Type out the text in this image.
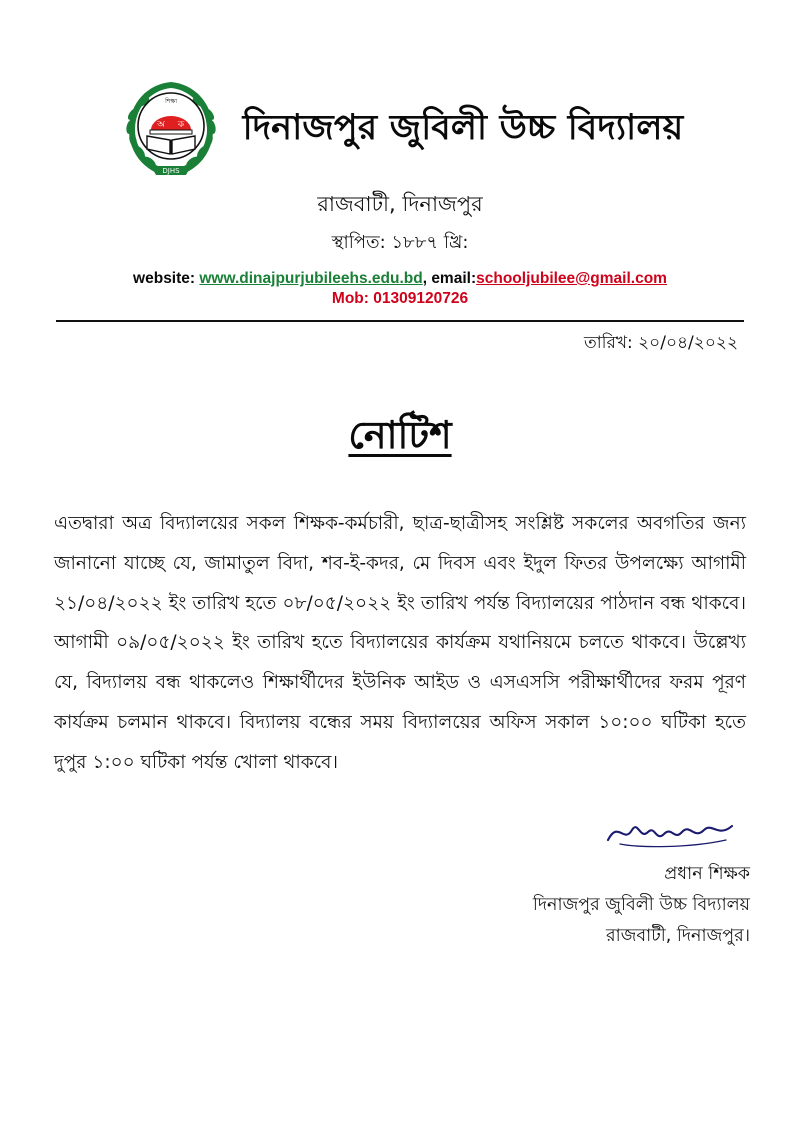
শিক্ষা
অ ক
DJHS
দিনাজপুর জুবিলী উচ্চ বিদ্যালয়
রাজবাটী, দিনাজপুর
স্থাপিত: ১৮৮৭ খ্রি:
website: www.dinajpurjubileehs.edu.bd, email:schooljubilee@gmail.com
Mob: 01309120726
তারিখ: ২০/০৪/২০২২
নোটিশ
এতদ্বারা অত্র বিদ্যালয়ের সকল শিক্ষক-কর্মচারী, ছাত্র-ছাত্রীসহ সংশ্লিষ্ট সকলের অবগতির জন্য জানানো যাচ্ছে যে, জামাতুল বিদা, শব-ই-কদর, মে দিবস এবং ইদুল ফিতর উপলক্ষ্যে আগামী ২১/০৪/২০২২ ইং তারিখ হতে ০৮/০৫/২০২২ ইং তারিখ পর্যন্ত বিদ্যালয়ের পাঠদান বন্ধ থাকবে। আগামী ০৯/০৫/২০২২ ইং তারিখ হতে বিদ্যালয়ের কার্যক্রম যথানিয়মে চলতে থাকবে। উল্লেখ্য যে, বিদ্যালয় বন্ধ থাকলেও শিক্ষার্থীদের ইউনিক আইড ও এসএসসি পরীক্ষার্থীদের ফরম পূরণ কার্যক্রম চলমান থাকবে। বিদ্যালয় বন্ধের সময় বিদ্যালয়ের অফিস সকাল ১০:০০ ঘটিকা হতে দুপুর ১:০০ ঘটিকা পর্যন্ত খোলা থাকবে।
প্রধান শিক্ষক
দিনাজপুর জুবিলী উচ্চ বিদ্যালয়
রাজবাটী, দিনাজপুর।
